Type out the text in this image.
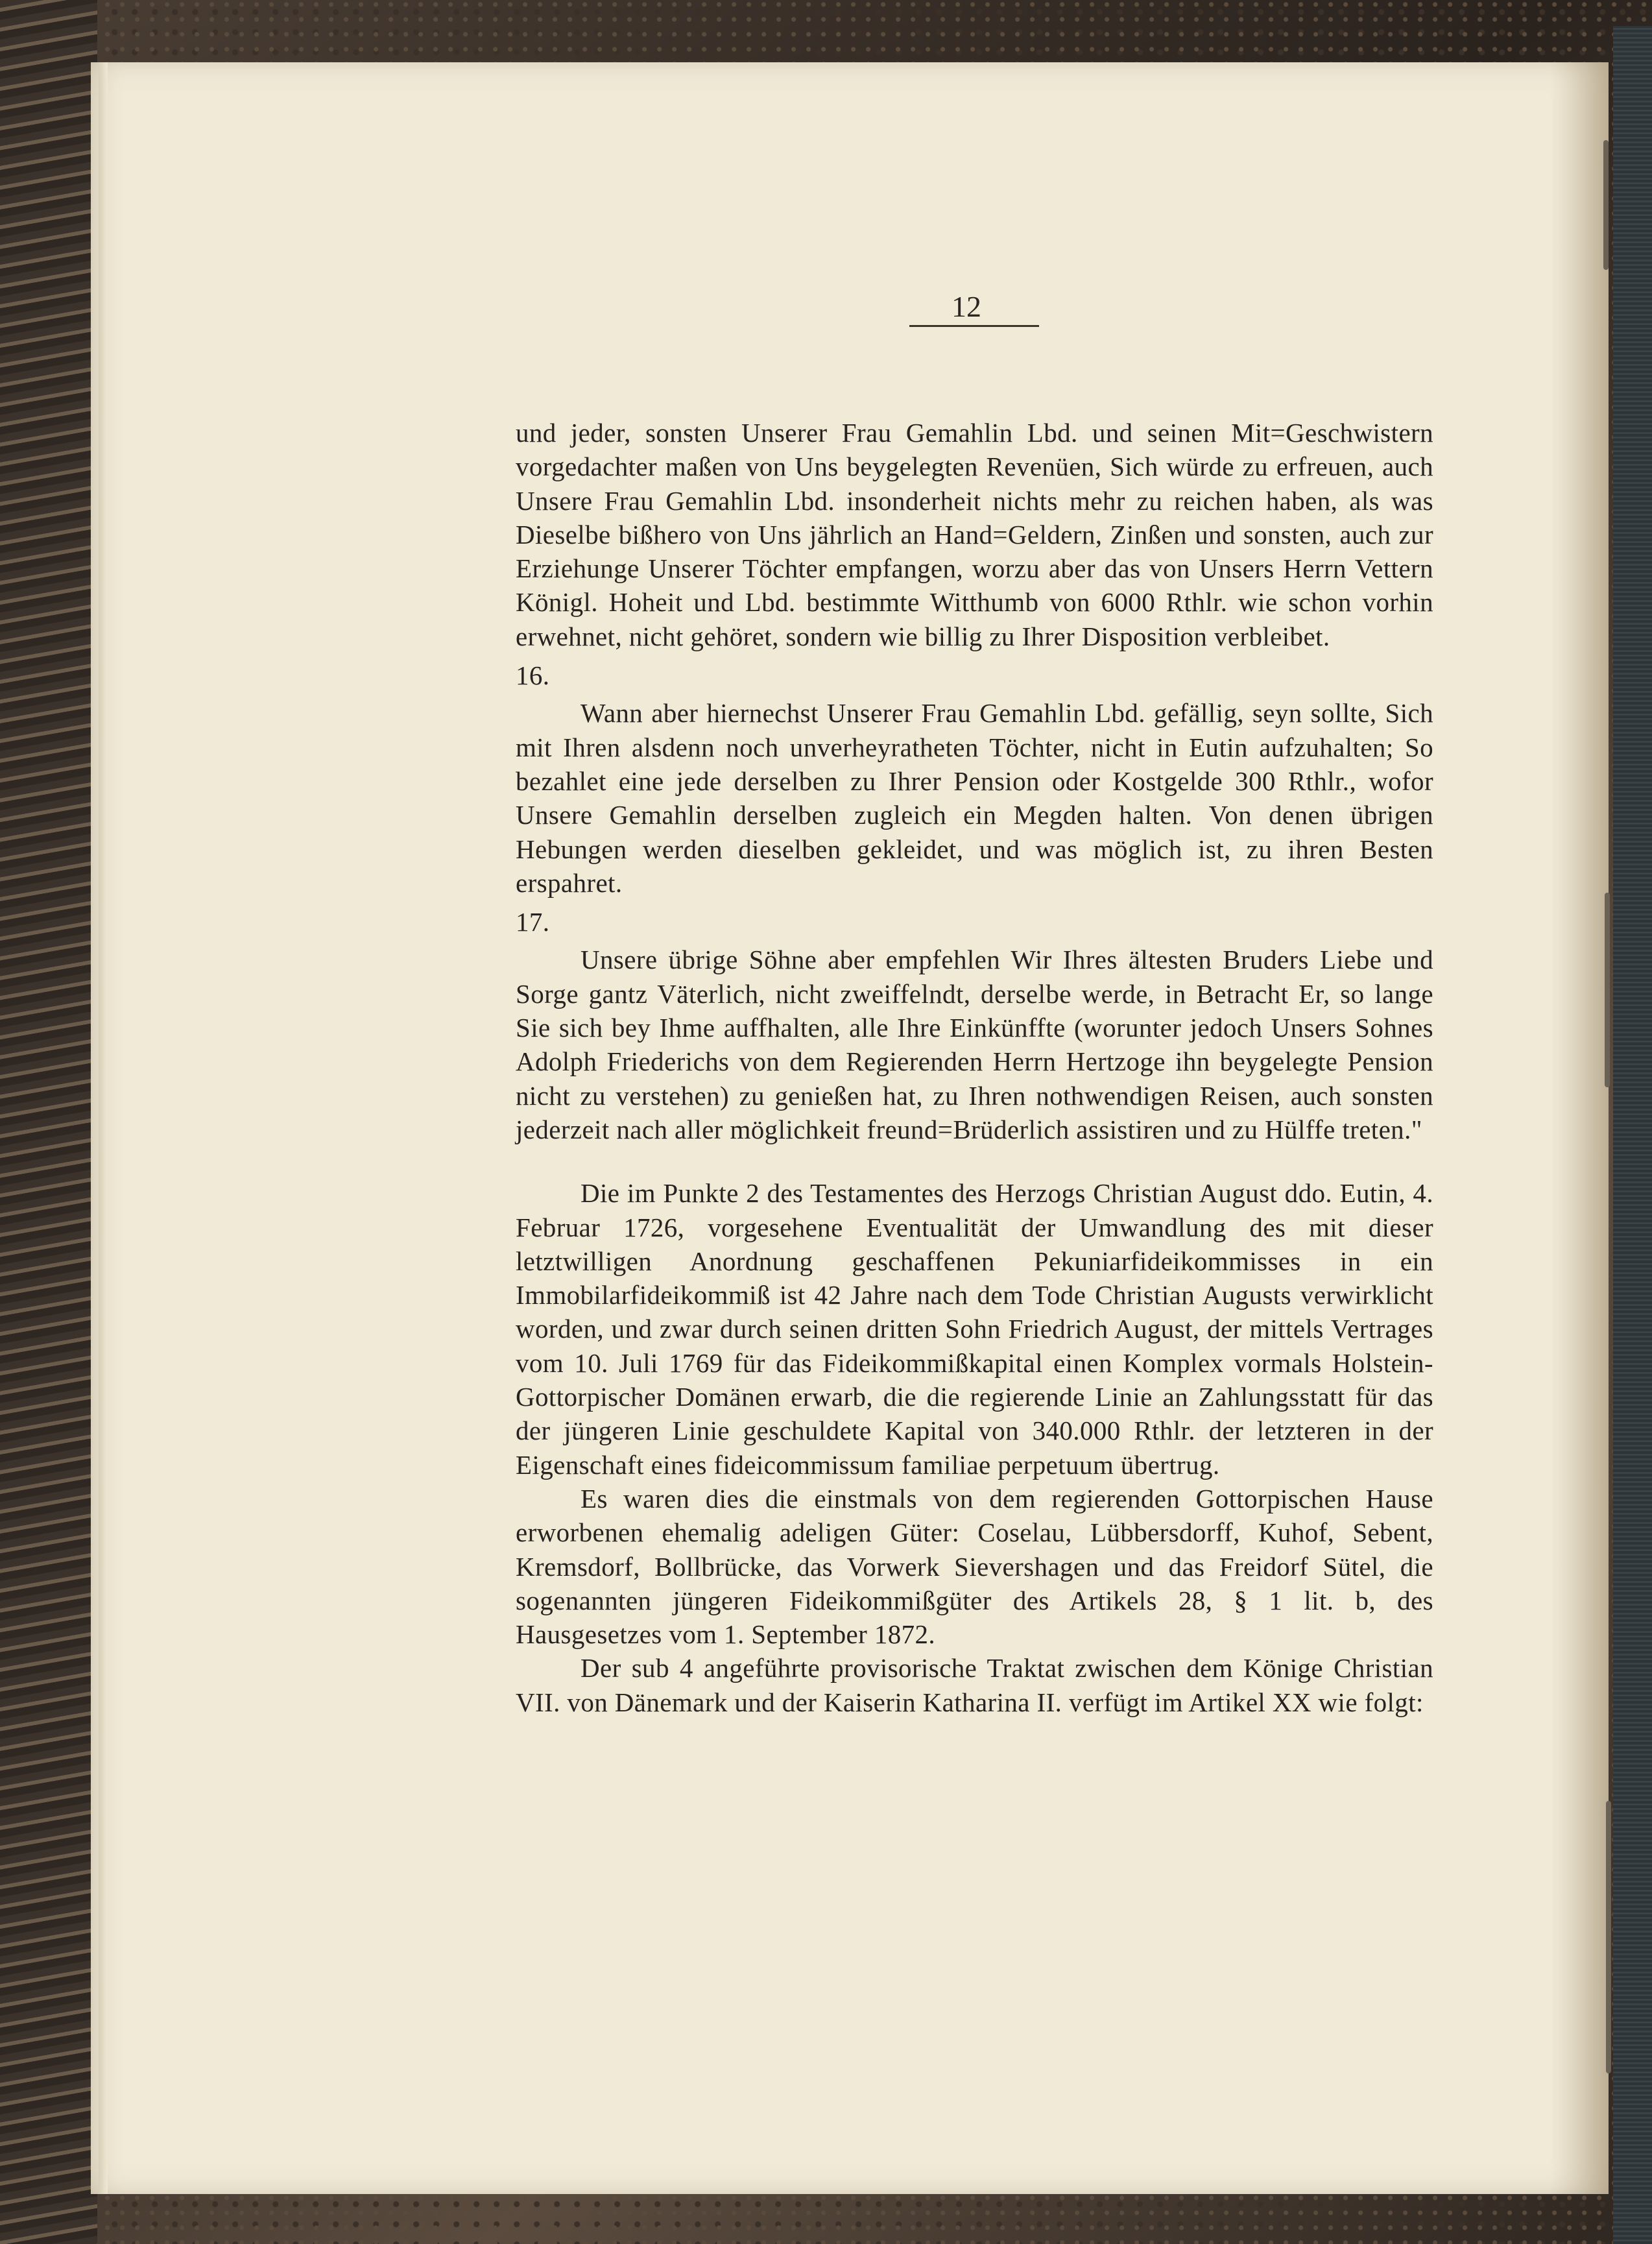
12

und jeder, sonsten Unserer Frau Gemahlin Lbd. und seinen Mit=Geschwistern vorgedachter maßen von Uns beygelegten Revenüen, Sich würde zu erfreuen, auch Unsere Frau Gemahlin Lbd. insonderheit nichts mehr zu reichen haben, als was Dieselbe bißhero von Uns jährlich an Hand=Geldern, Zinßen und sonsten, auch zur Erziehunge Unserer Töchter empfangen, worzu aber das von Unsers Herrn Vettern Königl. Hoheit und Lbd. bestimmte Witthumb von 6000 Rthlr. wie schon vorhin erwehnet, nicht gehöret, sondern wie billig zu Ihrer Disposition verbleibet.

16.

Wann aber hiernechst Unserer Frau Gemahlin Lbd. gefällig, seyn sollte, Sich mit Ihren alsdenn noch unverheyratheten Töchter, nicht in Eutin aufzuhalten; So bezahlet eine jede derselben zu Ihrer Pension oder Kostgelde 300 Rthlr., wofor Unsere Gemahlin derselben zugleich ein Megden halten. Von denen übrigen Hebungen werden dieselben gekleidet, und was möglich ist, zu ihren Besten erspahret.

17.

Unsere übrige Söhne aber empfehlen Wir Ihres ältesten Bruders Liebe und Sorge gantz Väterlich, nicht zweiffelndt, derselbe werde, in Betracht Er, so lange Sie sich bey Ihme auffhalten, alle Ihre Einkünffte (worunter jedoch Unsers Sohnes Adolph Friederichs von dem Regierenden Herrn Hertzoge ihn beygelegte Pension nicht zu verstehen) zu genießen hat, zu Ihren nothwendigen Reisen, auch sonsten jederzeit nach aller möglichkeit freund=Brüderlich assistiren und zu Hülffe treten."

Die im Punkte 2 des Testamentes des Herzogs Christian August ddo. Eutin, 4. Februar 1726, vorgesehene Eventualität der Umwandlung des mit dieser letztwilligen Anordnung geschaffenen Pekuniarfideikommisses in ein Immobilarfideikommiß ist 42 Jahre nach dem Tode Christian Augusts verwirklicht worden, und zwar durch seinen dritten Sohn Friedrich August, der mittels Vertrages vom 10. Juli 1769 für das Fideikommißkapital einen Komplex vormals Holstein-Gottorpischer Domänen erwarb, die die regierende Linie an Zahlungsstatt für das der jüngeren Linie geschuldete Kapital von 340.000 Rthlr. der letzteren in der Eigenschaft eines fideicommissum familiae perpetuum übertrug.

Es waren dies die einstmals von dem regierenden Gottorpischen Hause erworbenen ehemalig adeligen Güter: Coselau, Lübbersdorff, Kuhof, Sebent, Kremsdorf, Bollbrücke, das Vorwerk Sievershagen und das Freidorf Sütel, die sogenannten jüngeren Fideikommißgüter des Artikels 28, § 1 lit. b, des Hausgesetzes vom 1. September 1872.

Der sub 4 angeführte provisorische Traktat zwischen dem Könige Christian VII. von Dänemark und der Kaiserin Katharina II. verfügt im Artikel XX wie folgt:
